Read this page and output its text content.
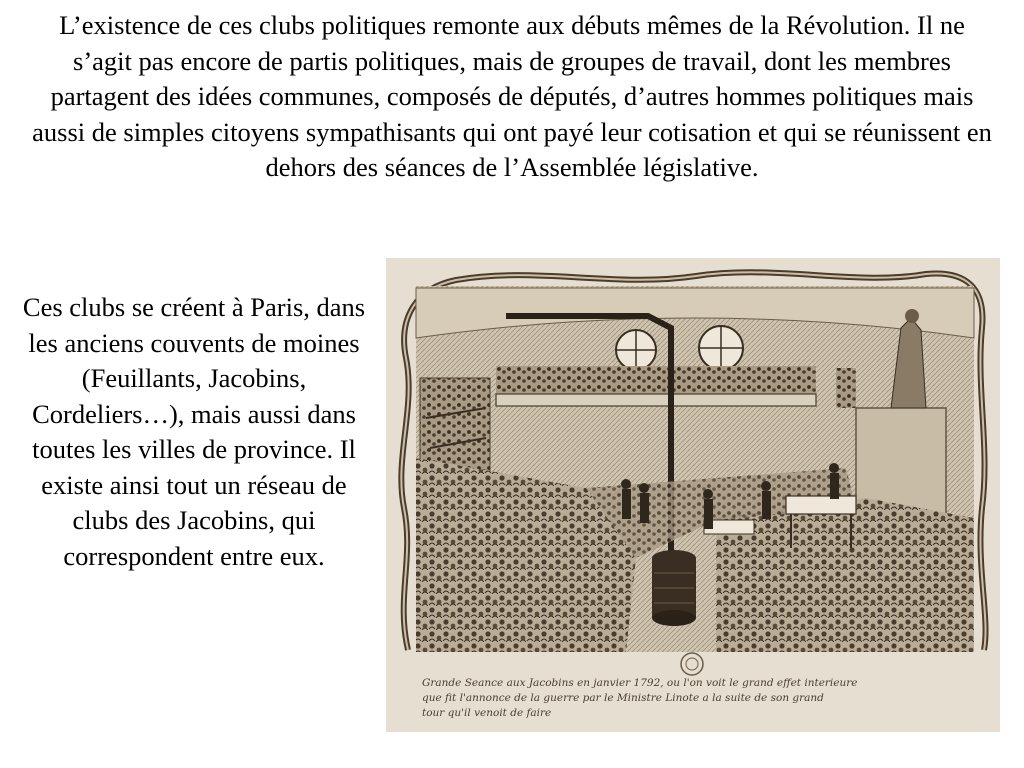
L’existence de ces clubs politiques remonte aux débuts mêmes de la Révolution. Il ne s’agit pas encore de partis politiques, mais de groupes de travail, dont les membres partagent des idées communes, composés de députés, d’autres hommes politiques mais aussi de simples citoyens sympathisants qui ont payé leur cotisation et qui se réunissent en dehors des séances de l’Assemblée législative.

Ces clubs se créent à Paris, dans les anciens couvents de moines (Feuillants, Jacobins, Cordeliers…), mais aussi dans toutes les villes de province. Il existe ainsi tout un réseau de clubs des Jacobins, qui correspondent entre eux.

Grande Seance aux Jacobins en janvier 1792, ou l'on voit le grand effet interieure
que fit l'annonce de la guerre par le Ministre Linote a la suite de son grand
tour qu'il venoit de faire
